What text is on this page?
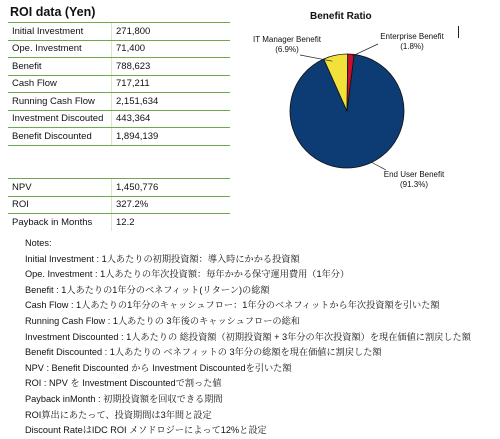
ROI data (Yen)
Initial Investment	271,800
Ope. Investment	71,400
Benefit	788,623
Cash Flow	717,211
Running Cash Flow	2,151,634
Investment Discouted	443,364
Benefit Discounted	1,894,139
NPV	1,450,776
ROI	327.2%
Payback in Months	12.2
Benefit Ratio
IT Manager Benefit
(6.9%)
Enterprise Benefit
(1.8%)
End User Benefit
(91.3%)
Notes:
Initial Investment : 1人あたりの初期投資額：導入時にかかる投資額
Ope. Investment : 1人あたりの年次投資額：毎年かかる保守運用費用（1年分）
Benefit : 1人あたりの1年分のベネフィット(リターン)の総額
Cash Flow : 1人あたりの1年分のキャッシュフロー：1年分のベネフィットから年次投資額を引いた額
Running Cash Flow : 1人あたりの 3年後のキャッシュフローの総和
Investment Discounted : 1人あたりの 総投資額（初期投資額 + 3年分の年次投資額）を現在価値に割戻した額
Benefit Discounted : 1人あたりの ベネフィットの 3年分の総額を現在価値に割戻した額
NPV : Benefit Discounted から Investment Discountedを引いた額
ROI : NPV を Investment Discountedで割った値
Payback inMonth : 初期投資額を回収できる期間
ROI算出にあたって、投資期間は3年間と設定
Discount RateはIDC ROI メソドロジーによって12%と設定
